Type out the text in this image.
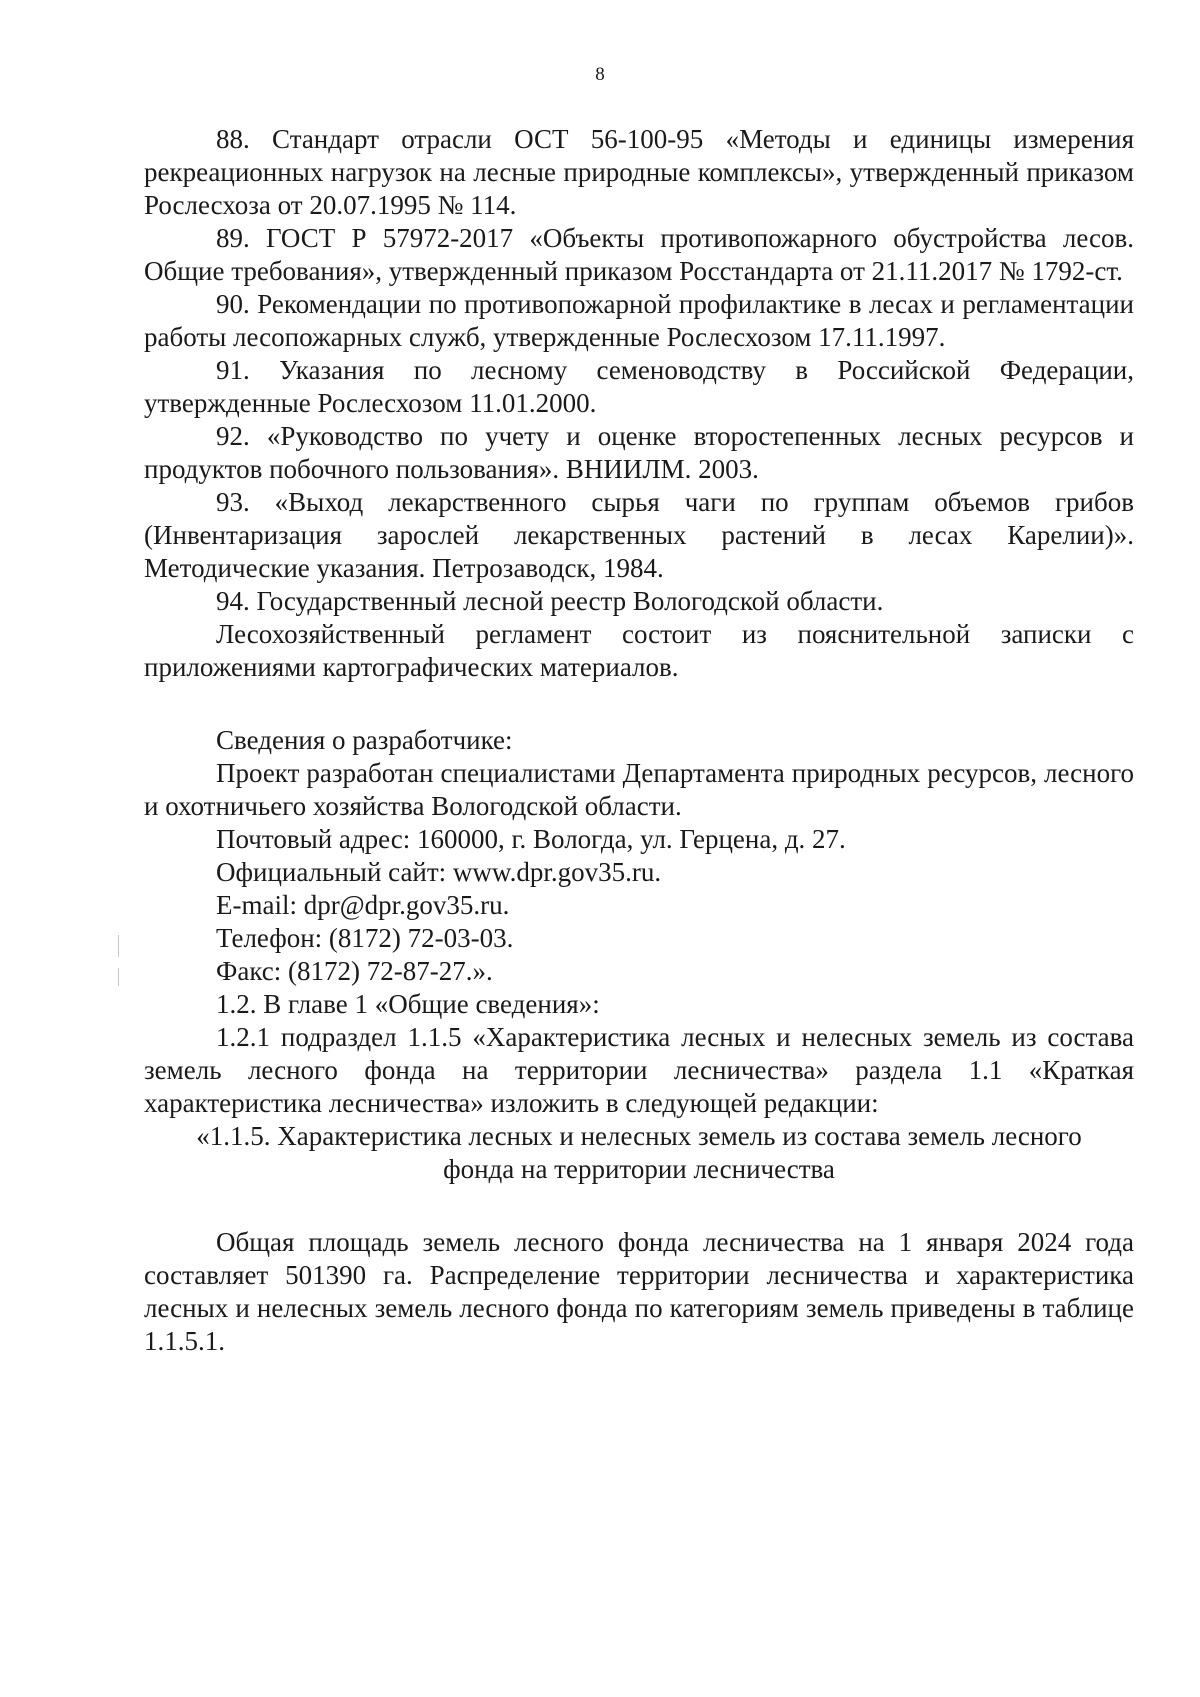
8

88. Стандарт отрасли ОСТ 56-100-95 «Методы и единицы измерения рекреационных нагрузок на лесные природные комплексы», утвержденный приказом Рослесхоза от 20.07.1995 № 114.

89. ГОСТ Р 57972-2017 «Объекты противопожарного обустройства лесов. Общие требования», утвержденный приказом Росстандарта от 21.11.2017 № 1792-ст.

90. Рекомендации по противопожарной профилактике в лесах и регламентации работы лесопожарных служб, утвержденные Рослесхозом 17.11.1997.

91. Указания по лесному семеноводству в Российской Федерации, утвержденные Рослесхозом 11.01.2000.

92. «Руководство по учету и оценке второстепенных лесных ресурсов и продуктов побочного пользования». ВНИИЛМ. 2003.

93. «Выход лекарственного сырья чаги по группам объемов грибов (Инвентаризация зарослей лекарственных растений в лесах Карелии)». Методические указания. Петрозаводск, 1984.

94. Государственный лесной реестр Вологодской области.

Лесохозяйственный регламент состоит из пояснительной записки с приложениями картографических материалов.

Сведения о разработчике:

Проект разработан специалистами Департамента природных ресурсов, лесного и охотничьего хозяйства Вологодской области.

Почтовый адрес: 160000, г. Вологда, ул. Герцена, д. 27.

Официальный сайт: www.dpr.gov35.ru.

E-mail: dpr@dpr.gov35.ru.

Телефон: (8172) 72-03-03.

Факс: (8172) 72-87-27.».

1.2. В главе 1 «Общие сведения»:

1.2.1 подраздел 1.1.5 «Характеристика лесных и нелесных земель из состава земель лесного фонда на территории лесничества» раздела 1.1 «Краткая характеристика лесничества» изложить в следующей редакции:

«1.1.5. Характеристика лесных и нелесных земель из состава земель лесного
фонда на территории лесничества

Общая площадь земель лесного фонда лесничества на 1 января 2024 года составляет 501390 га. Распределение территории лесничества и характеристика лесных и нелесных земель лесного фонда по категориям земель приведены в таблице 1.1.5.1.
